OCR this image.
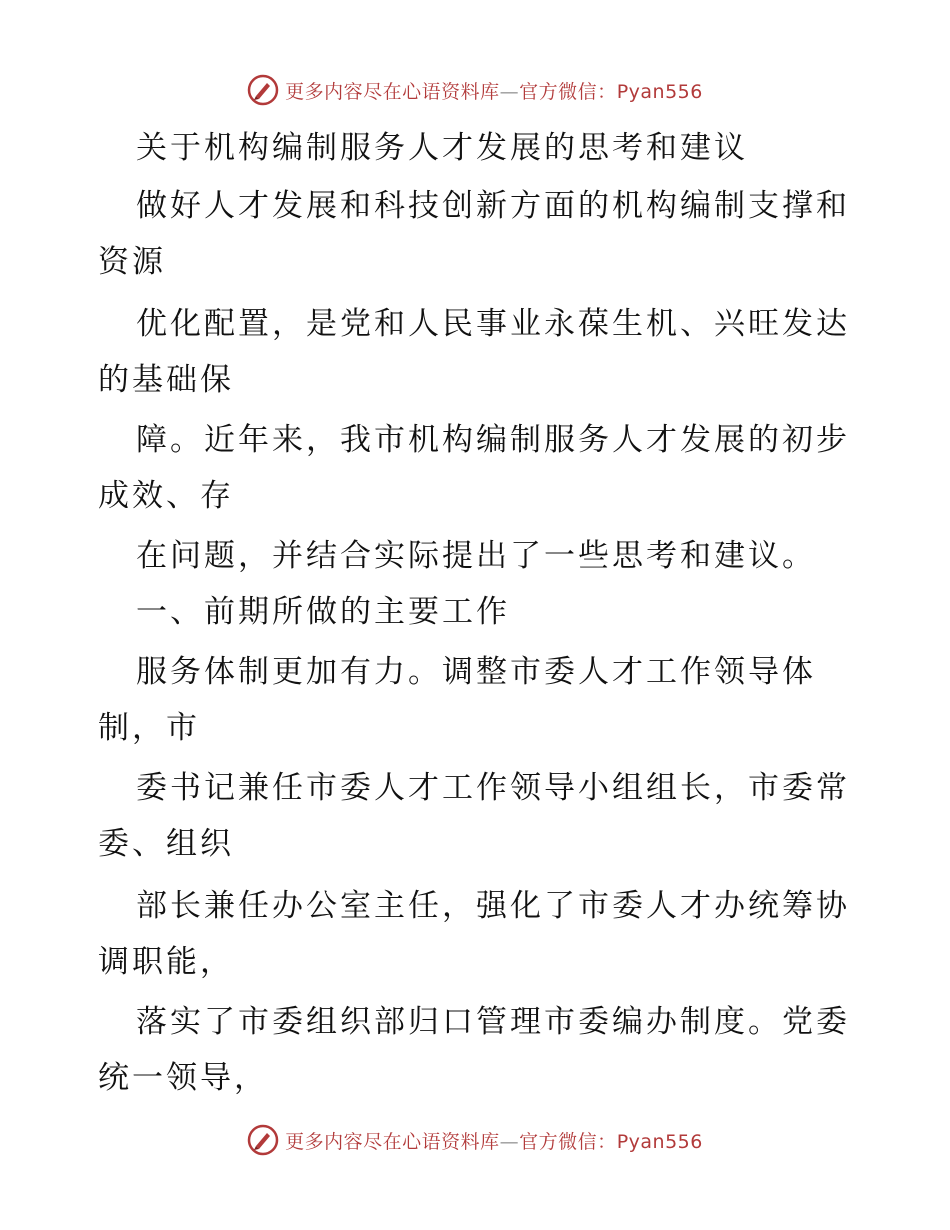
更多内容尽在心语资料库—官方微信：Pyan556
关于机构编制服务人才发展的思考和建议
做好人才发展和科技创新方面的机构编制支撑和
资源
优化配置，是党和人民事业永葆生机、兴旺发达
的基础保
障。近年来，我市机构编制服务人才发展的初步
成效、存
在问题，并结合实际提出了一些思考和建议。
一、前期所做的主要工作
服务体制更加有力。调整市委人才工作领导体
制，市
委书记兼任市委人才工作领导小组组长，市委常
委、组织
部长兼任办公室主任，强化了市委人才办统筹协
调职能，
落实了市委组织部归口管理市委编办制度。党委
统一领导，
更多内容尽在心语资料库—官方微信：Pyan556
